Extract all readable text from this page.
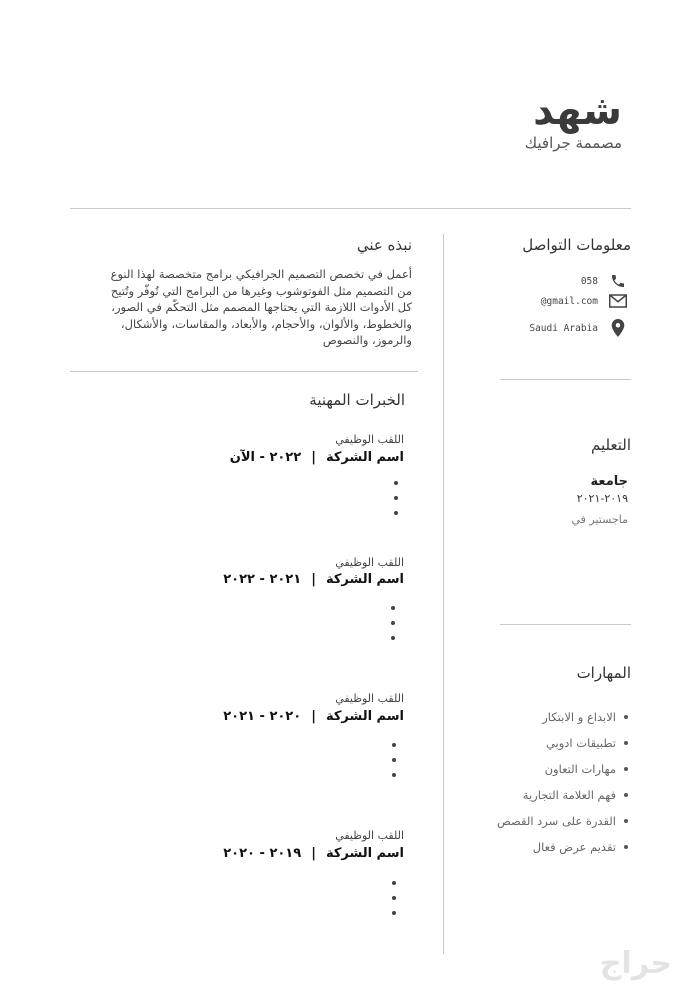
شهد
مصممة جرافيك
نبذه عني
أعمل في تخصص التصميم الجرافيكي برامج متخصصة لهذا النوع من التصميم مثل الفوتوشوب وغيرها من البرامج التي تُوفّر وتُتيح كل الأدوات اللازمة التي يحتاجها المصمم مثل التحكّم في الصور، والخطوط، والألوان، والأحجام، والأبعاد، والمقاسات، والأشكال، والرموز، والنصوص
معلومات التواصل
058
@gmail.com
Saudi Arabia
التعليم
جامعة
٢٠١٩-٢٠٢١
ماجستير في
المهارات
الابداع و الابتكار
تطبيقات ادوبي
مهارات التعاون
فهم العلامة التجارية
القدرة على سرد القصص
تقديم عرض فعال
الخبرات المهنية
اللقب الوظيفي
اسم الشركة
|
٢٠٢٢ - الآن
اللقب الوظيفي
اسم الشركة
|
٢٠٢١ - ٢٠٢٢
اللقب الوظيفي
اسم الشركة
|
٢٠٢٠ - ٢٠٢١
اللقب الوظيفي
اسم الشركة
|
٢٠١٩ - ٢٠٢٠
حراج
